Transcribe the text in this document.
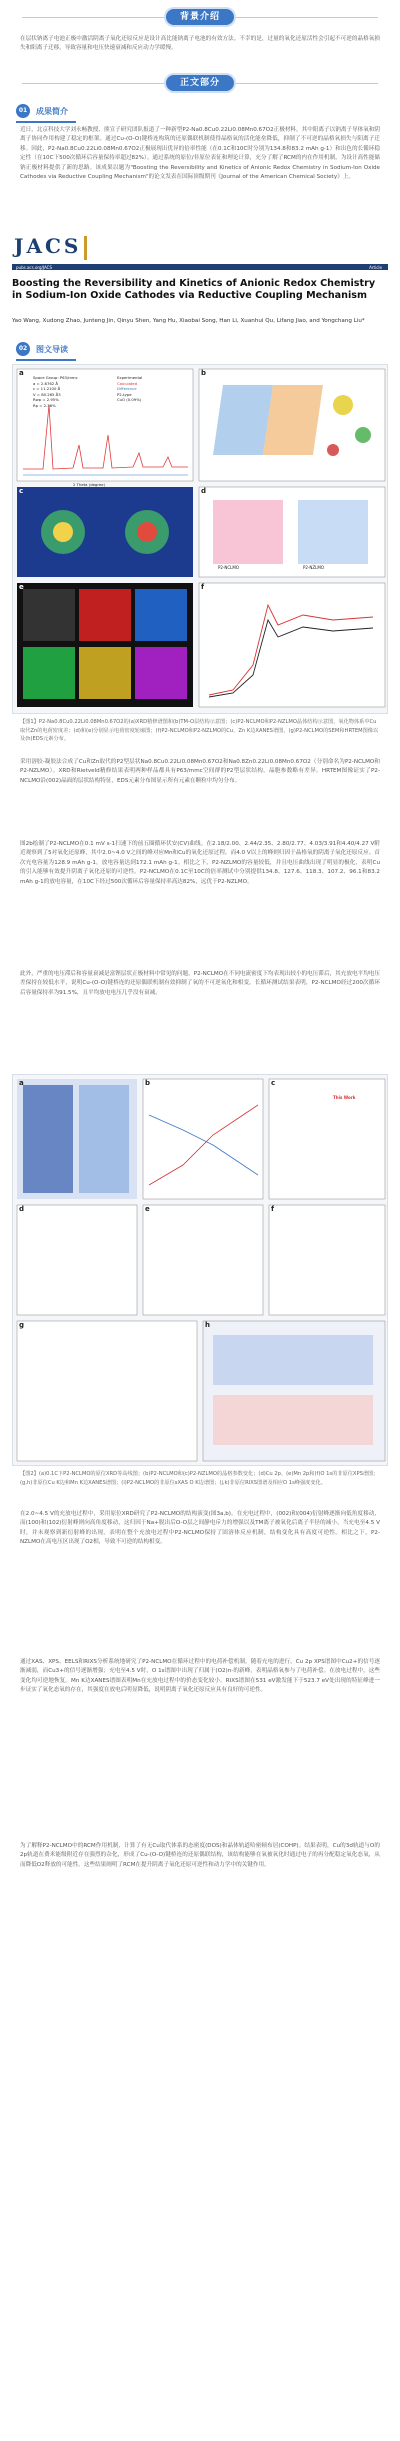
背景介绍
在层状钠离子电池正极中激活阴离子氧化还原反应是设计高比能钠离子电池的有效方法。不幸的是，过量的氧化还原活性会引起不可逆的晶格氧损失和阳离子迁移，导致容量和电压快速衰减和反应动力学缓慢。
正文部分
01	成果简介
近日，北京科技大学刘永畅教授、熊宣子研究团队报道了一种新型P2-Na0.8Cu0.22Li0.08Mn0.67O2正极材料，其中阳离子以钠离子导体氧和阴离子协同作用构建了稳定的框架。通过Cu-(O-O)键桥连构筑的还原偶联机制使得晶格氧的活化能垒降低，抑制了不可逆的晶格氧损失与阳离子迁移。因此，P2-Na0.8Cu0.22Li0.08Mn0.67O2正极展现出优异的倍率性能（在0.1C和10C时分别为134.8和83.2 mAh g-1）和出色的长循环稳定性（在10C下500次循环后容量保持率超过82%）。通过系统的原位/非原位表征和理论计算，充分了解了RCM的内在作用机制，为设计高性能储钠正极材料提供了新的思路。该成果以题为"Boosting the Reversibility and Kinetics of Anionic Redox Chemistry in Sodium-Ion Oxide Cathodes via Reductive Coupling Mechanism"的论文发表在国际顶级期刊《Journal of the American Chemical Society》上。
JACS
Article
pubs.acs.org/JACS
Boosting the Reversibility and Kinetics of Anionic Redox Chemistry in Sodium-Ion Oxide Cathodes via Reductive Coupling Mechanism
Yao Wang, Xudong Zhao, Junteng Jin, Qinyu Shen, Yang Hu, Xiaobai Song, Han Li, Xuanhui Qu, Lifang Jiao, and Yongchang Liu*
02	图文导读
a	b
c	d
e	f
Experimental
Calculated
Difference
P2-type
CuO (0.09%)
Space Group: P63/mmc
a = 2.8762 Å
c = 11.2100 Å
V = 80.265 Å3
Rwp = 2.95%
Rp = 2.36%
2 Theta (degree)
P2-NCLMO	P2-NZLMO
【图1】P2-Na0.8Cu0.22Li0.08Mn0.67O2的(a)XRD精修谱图和(b)TM-O层结构示意图；(c)P2-NCLMO和P2-NZLMO晶体结构示意图，氧化物体系中Cu取代Zn的电荷密度差；(d)和(e)分别显示电荷密度轮廓图；(f)P2-NCLMO和P2-NZLMO的Cu、Zn K边XANES谱图，(g)P2-NCLMO的SEM和HRTEM图像以及(h)EDS元素分布。
采用溶胶-凝胶法合成了Cu和Zn取代的P2型层状Na0.8Cu0.22Li0.08Mn0.67O2和Na0.8Zn0.22Li0.08Mn0.67O2（分别命名为P2-NCLMO和P2-NZLMO）。XRD和Rietveld精修结果表明两种样品都具有P63/mmc空间群的P2型层状结构，晶胞参数略有差异。HRTEM图像证实了P2-NCLMO沿(002)晶面的层状结构特征，EDS元素分布图显示所有元素在颗粒中均匀分布。
图2b绘制了P2-NCLMO在0.1 mV s-1扫速下的前五圈循环伏安(CV)曲线。在2.18/2.00、2.44/2.35、2.80/2.77、4.03/3.91和4.40/4.27 V附近观察到了5对氧化还原峰，其中2.0~4.0 V之间的峰对应Mn和Cu的氧化还原过程，而4.0 V以上的峰则归因于晶格氧的阴离子氧化还原反应。首次充电容量为128.9 mAh g-1，放电容量达到172.1 mAh g-1。相比之下，P2-NZLMO的容量较低，并且电压曲线出现了明显的极化，表明Cu的引入能够有效提升阴离子氧化还原的可逆性。P2-NCLMO在0.1C至10C的倍率测试中分别提供134.8、127.6、118.3、107.2、96.1和83.2 mAh g-1的放电容量，在10C下经过500次循环后容量保持率高达82%，远优于P2-NZLMO。
此外，严重的电压滞后和容量衰减是富锂层状正极材料中常见的问题。P2-NCLMO在不同电流密度下均表现出较小的电压滞后，其充放电平均电压差保持在较低水平，说明Cu-(O-O)键桥连的还原偶联机制有效抑制了氧的不可逆氧化和相变。长循环测试结果表明，P2-NCLMO经过200次循环后容量保持率为91.5%，且平均放电电压几乎没有衰减。
a	b	c
d	e	f
g	h
This Work
【图2】(a)0.1C下P2-NCLMO的原位XRD等高线图；(b)P2-NCLMO和(c)P2-NZLMO的晶格参数变化；(d)Cu 2p、(e)Mn 2p和(f)O 1s的非原位XPS谱图；(g,h)非原位Cu K边和Mn K边XANES谱图；(i)P2-NCLMO的非原位sXAS O K边谱图；(j,k)非原位RIXS图谱及相应O 1s峰强度变化。
在2.0~4.5 V的充放电过程中，采用原位XRD研究了P2-NCLMO的结构演变(图3a,b)。在充电过程中，(002)和(004)衍射峰逐渐向低角度移动，而(100)和(102)衍射峰则向高角度移动，这归因于Na+脱出后O-O层之间静电斥力的增强以及TM离子被氧化后离子半径的减小。当充电至4.5 V时，并未观察到新衍射峰的出现，表明在整个充放电过程中P2-NCLMO保持了固溶体反应机制，结构变化具有高度可逆性。相比之下，P2-NZLMO在高电压区出现了O2相，导致不可逆的结构相变。
通过XAS、XPS、EELS和RIXS分析系统地研究了P2-NCLMO在循环过程中的电荷补偿机制。随着充电的进行，Cu 2p XPS谱图中Cu2+的信号逐渐减弱，而Cu3+的信号逐渐增强；充电至4.5 V时，O 1s谱图中出现了归属于(O2)n-的新峰，表明晶格氧参与了电荷补偿。在放电过程中，这些变化均可逆地恢复。Mn K边XANES谱图表明Mn在充放电过程中的价态变化较小。RIXS谱图在531 eV激发能下于523.7 eV处出现的特征峰进一步证实了氧化态氧的存在，其强度在放电后明显降低，说明阴离子氧化还原反应具有良好的可逆性。
为了解释P2-NCLMO中的RCM作用机制，计算了有无Cu取代体系的态密度(DOS)和晶体轨道哈密顿布居(COHP)。结果表明，Cu的3d轨道与O的2p轨道在费米能级附近存在强烈的杂化，形成了Cu-(O-O)键桥连的还原偶联结构，该结构能够在氧被氧化时通过电子的再分配稳定氧化态氧，从而降低O2释放的可能性。这些结果阐明了RCM在提升阴离子氧化还原可逆性和动力学中的关键作用。
